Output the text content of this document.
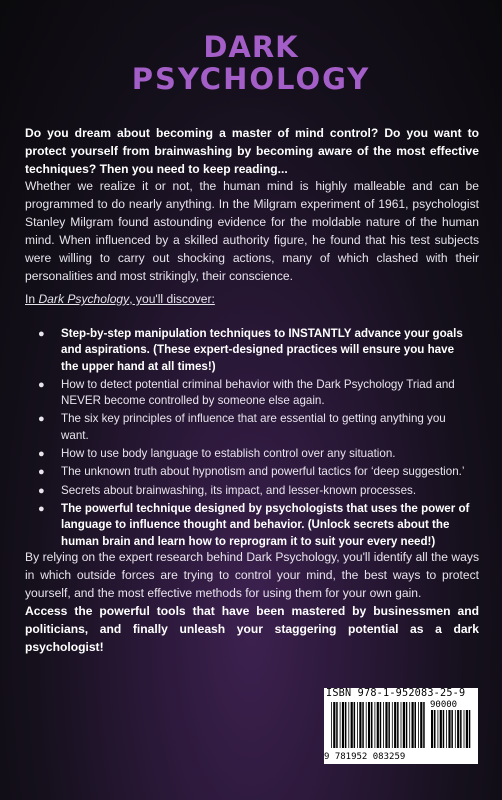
DARK
PSYCHOLOGY

Do you dream about becoming a master of mind control? Do you want to protect yourself from brainwashing by becoming aware of the most effective techniques? Then you need to keep reading...

Whether we realize it or not, the human mind is highly malleable and can be programmed to do nearly anything. In the Milgram experiment of 1961, psychologist Stanley Milgram found astounding evidence for the moldable nature of the human mind. When influenced by a skilled authority figure, he found that his test subjects were willing to carry out shocking actions, many of which clashed with their personalities and most strikingly, their conscience.

In Dark Psychology, you'll discover:

● Step-by-step manipulation techniques to INSTANTLY advance your goals and aspirations. (These expert-designed practices will ensure you have the upper hand at all times!)
● How to detect potential criminal behavior with the Dark Psychology Triad and NEVER become controlled by someone else again.
● The six key principles of influence that are essential to getting anything you want.
● How to use body language to establish control over any situation.
● The unknown truth about hypnotism and powerful tactics for ‘deep suggestion.’
● Secrets about brainwashing, its impact, and lesser-known processes.
● The powerful technique designed by psychologists that uses the power of language to influence thought and behavior. (Unlock secrets about the human brain and learn how to reprogram it to suit your every need!)

By relying on the expert research behind Dark Psychology, you'll identify all the ways in which outside forces are trying to control your mind, the best ways to protect yourself, and the most effective methods for using them for your own gain.

Access the powerful tools that have been mastered by businessmen and politicians, and finally unleash your staggering potential as a dark psychologist!

ISBN 978-1-952083-25-9
90000
9 781952 083259
